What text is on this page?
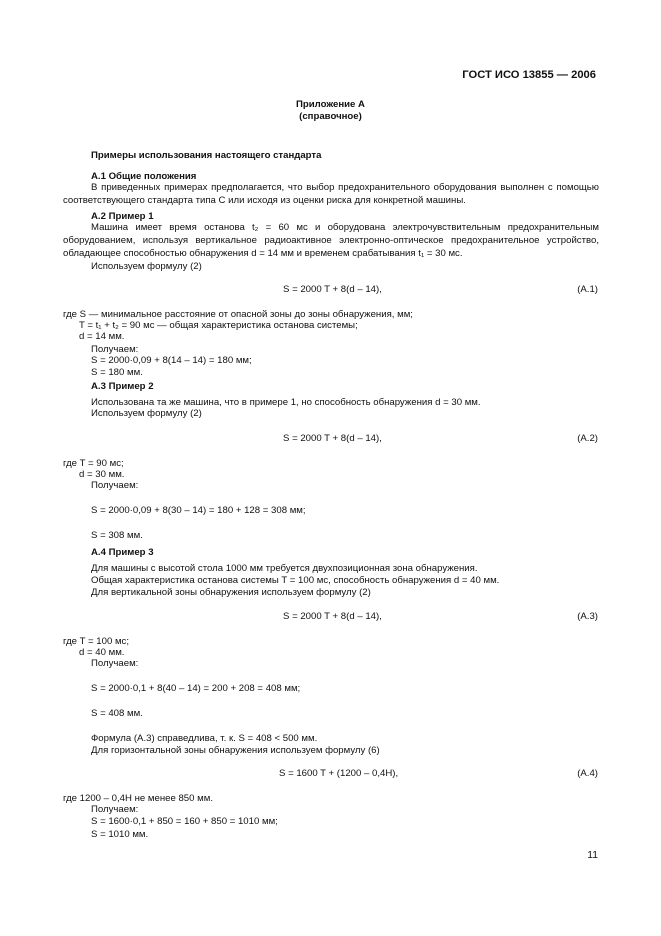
ГОСТ ИСО 13855 — 2006
Приложение А
(справочное)
Примеры использования настоящего стандарта
А.1 Общие положения
В приведенных примерах предполагается, что выбор предохранительного оборудования выполнен с помощью соответствующего стандарта типа С или исходя из оценки риска для конкретной машины.
А.2 Пример 1
Машина имеет время останова t₂ = 60 мс и оборудована электрочувствительным предохранительным оборудованием, используя вертикальное радиоактивное электронно-оптическое предохранительное устройство, обладающее способностью обнаружения d = 14 мм и временем срабатывания t₁ = 30 мс.
Используем формулу (2)
S = 2000 T + 8(d – 14),	(А.1)
где S — минимальное расстояние от опасной зоны до зоны обнаружения, мм;
T = t₁ + t₂ = 90 мс — общая характеристика останова системы;
d = 14 мм.
Получаем:
S = 2000·0,09 + 8(14 – 14) = 180 мм;
S = 180 мм.
А.3 Пример 2
Использована та же машина, что в примере 1, но способность обнаружения d = 30 мм.
Используем формулу (2)
S = 2000 T + 8(d – 14),	(А.2)
где T = 90 мс;
d = 30 мм.
Получаем:
S = 2000·0,09 + 8(30 – 14) = 180 + 128 = 308 мм;
S = 308 мм.
А.4 Пример 3
Для машины с высотой стола 1000 мм требуется двухпозиционная зона обнаружения.
Общая характеристика останова системы T = 100 мс, способность обнаружения d = 40 мм.
Для вертикальной зоны обнаружения используем формулу (2)
S = 2000 T + 8(d – 14),	(А.3)
где T = 100 мс;
d = 40 мм.
Получаем:
S = 2000·0,1 + 8(40 – 14) = 200 + 208 = 408 мм;
S = 408 мм.
Формула (А.3) справедлива, т. к. S = 408 < 500 мм.
Для горизонтальной зоны обнаружения используем формулу (6)
S = 1600 T + (1200 – 0,4H),	(А.4)
где 1200 – 0,4H не менее 850 мм.
Получаем:
S = 1600·0,1 + 850 = 160 + 850 = 1010 мм;
S = 1010 мм.
11
